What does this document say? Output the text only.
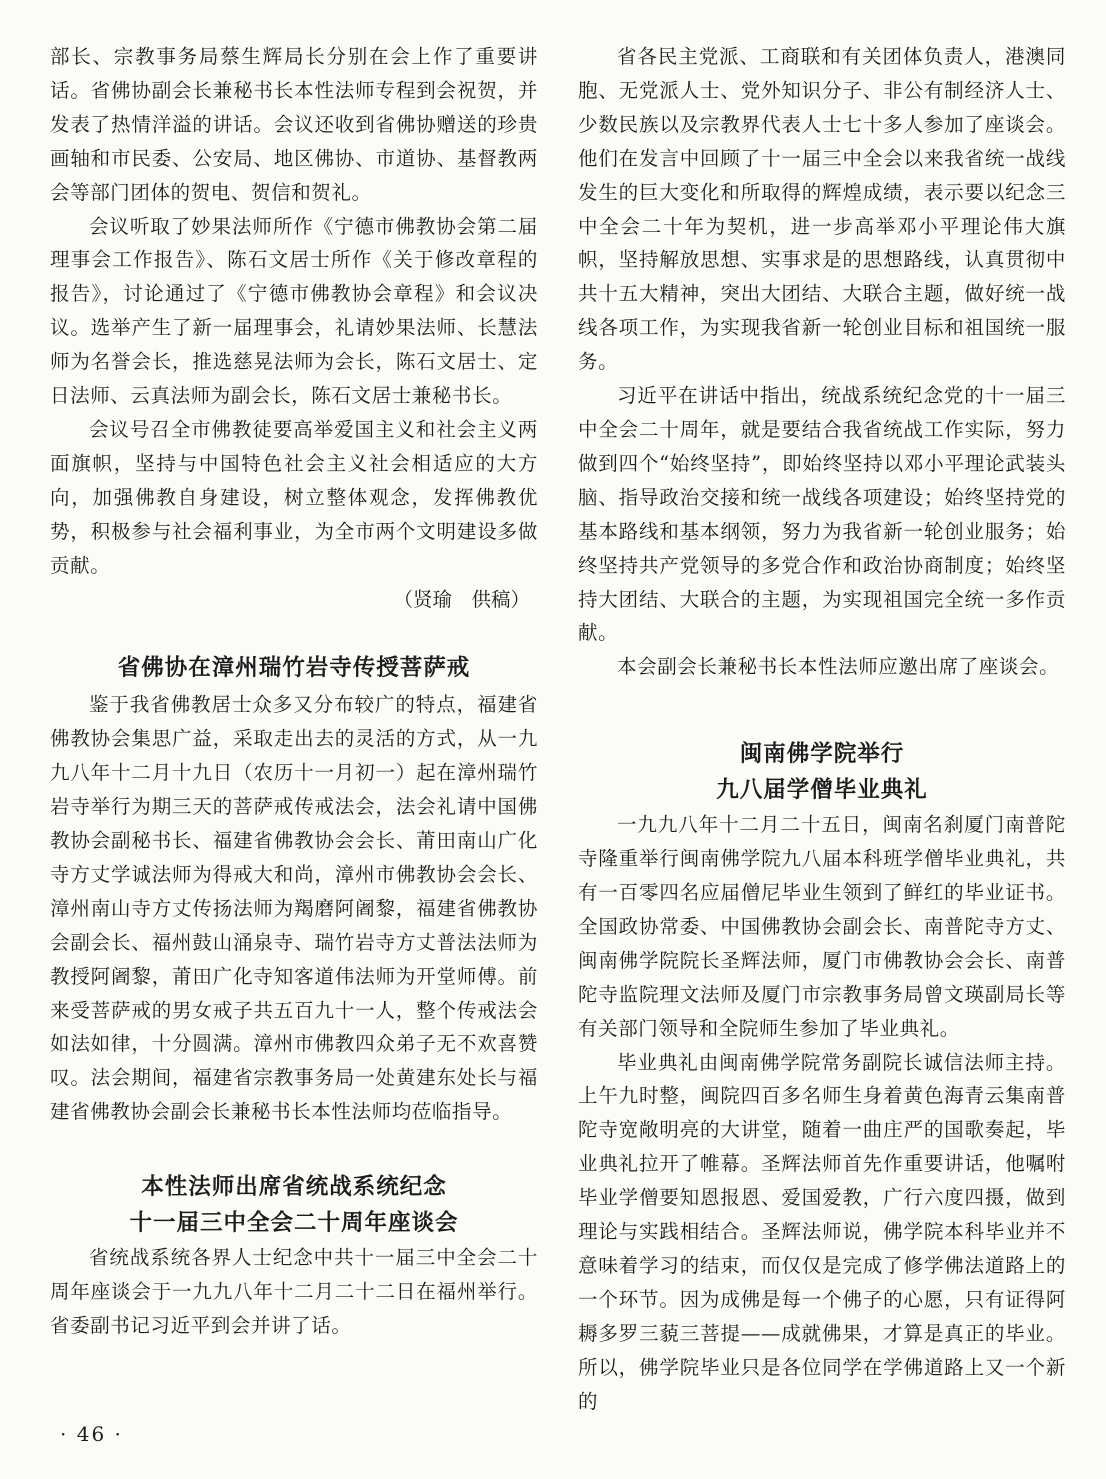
部长、宗教事务局蔡生辉局长分别在会上作了重要讲话。省佛协副会长兼秘书长本性法师专程到会祝贺，并发表了热情洋溢的讲话。会议还收到省佛协赠送的珍贵画轴和市民委、公安局、地区佛协、市道协、基督教两会等部门团体的贺电、贺信和贺礼。

会议听取了妙果法师所作《宁德市佛教协会第二届理事会工作报告》、陈石文居士所作《关于修改章程的报告》，讨论通过了《宁德市佛教协会章程》和会议决议。选举产生了新一届理事会，礼请妙果法师、长慧法师为名誉会长，推选慈晃法师为会长，陈石文居士、定日法师、云真法师为副会长，陈石文居士兼秘书长。

会议号召全市佛教徒要高举爱国主义和社会主义两面旗帜，坚持与中国特色社会主义社会相适应的大方向，加强佛教自身建设，树立整体观念，发挥佛教优势，积极参与社会福利事业，为全市两个文明建设多做贡献。

（贤瑜　供稿）
省佛协在漳州瑞竹岩寺传授菩萨戒

鉴于我省佛教居士众多又分布较广的特点，福建省佛教协会集思广益，采取走出去的灵活的方式，从一九九八年十二月十九日（农历十一月初一）起在漳州瑞竹岩寺举行为期三天的菩萨戒传戒法会，法会礼请中国佛教协会副秘书长、福建省佛教协会会长、莆田南山广化寺方丈学诚法师为得戒大和尚，漳州市佛教协会会长、漳州南山寺方丈传扬法师为羯磨阿阇黎，福建省佛教协会副会长、福州鼓山涌泉寺、瑞竹岩寺方丈普法法师为教授阿阇黎，莆田广化寺知客道伟法师为开堂师傅。前来受菩萨戒的男女戒子共五百九十一人，整个传戒法会如法如律，十分圆满。漳州市佛教四众弟子无不欢喜赞叹。法会期间，福建省宗教事务局一处黄建东处长与福建省佛教协会副会长兼秘书长本性法师均莅临指导。

本性法师出席省统战系统纪念
十一届三中全会二十周年座谈会

省统战系统各界人士纪念中共十一届三中全会二十周年座谈会于一九九八年十二月二十二日在福州举行。省委副书记习近平到会并讲了话。

省各民主党派、工商联和有关团体负责人，港澳同胞、无党派人士、党外知识分子、非公有制经济人士、少数民族以及宗教界代表人士七十多人参加了座谈会。他们在发言中回顾了十一届三中全会以来我省统一战线发生的巨大变化和所取得的辉煌成绩，表示要以纪念三中全会二十年为契机，进一步高举邓小平理论伟大旗帜，坚持解放思想、实事求是的思想路线，认真贯彻中共十五大精神，突出大团结、大联合主题，做好统一战线各项工作，为实现我省新一轮创业目标和祖国统一服务。

习近平在讲话中指出，统战系统纪念党的十一届三中全会二十周年，就是要结合我省统战工作实际，努力做到四个“始终坚持”，即始终坚持以邓小平理论武装头脑、指导政治交接和统一战线各项建设；始终坚持党的基本路线和基本纲领，努力为我省新一轮创业服务；始终坚持共产党领导的多党合作和政治协商制度；始终坚持大团结、大联合的主题，为实现祖国完全统一多作贡献。

本会副会长兼秘书长本性法师应邀出席了座谈会。

闽南佛学院举行
九八届学僧毕业典礼

一九九八年十二月二十五日，闽南名刹厦门南普陀寺隆重举行闽南佛学院九八届本科班学僧毕业典礼，共有一百零四名应届僧尼毕业生领到了鲜红的毕业证书。全国政协常委、中国佛教协会副会长、南普陀寺方丈、闽南佛学院院长圣辉法师，厦门市佛教协会会长、南普陀寺监院理文法师及厦门市宗教事务局曾文瑛副局长等有关部门领导和全院师生参加了毕业典礼。

毕业典礼由闽南佛学院常务副院长诚信法师主持。上午九时整，闽院四百多名师生身着黄色海青云集南普陀寺宽敞明亮的大讲堂，随着一曲庄严的国歌奏起，毕业典礼拉开了帷幕。圣辉法师首先作重要讲话，他嘱咐毕业学僧要知恩报恩、爱国爱教，广行六度四摄，做到理论与实践相结合。圣辉法师说，佛学院本科毕业并不意味着学习的结束，而仅仅是完成了修学佛法道路上的一个环节。因为成佛是每一个佛子的心愿，只有证得阿耨多罗三藐三菩提——成就佛果，才算是真正的毕业。所以，佛学院毕业只是各位同学在学佛道路上又一个新的

· 46 ·
